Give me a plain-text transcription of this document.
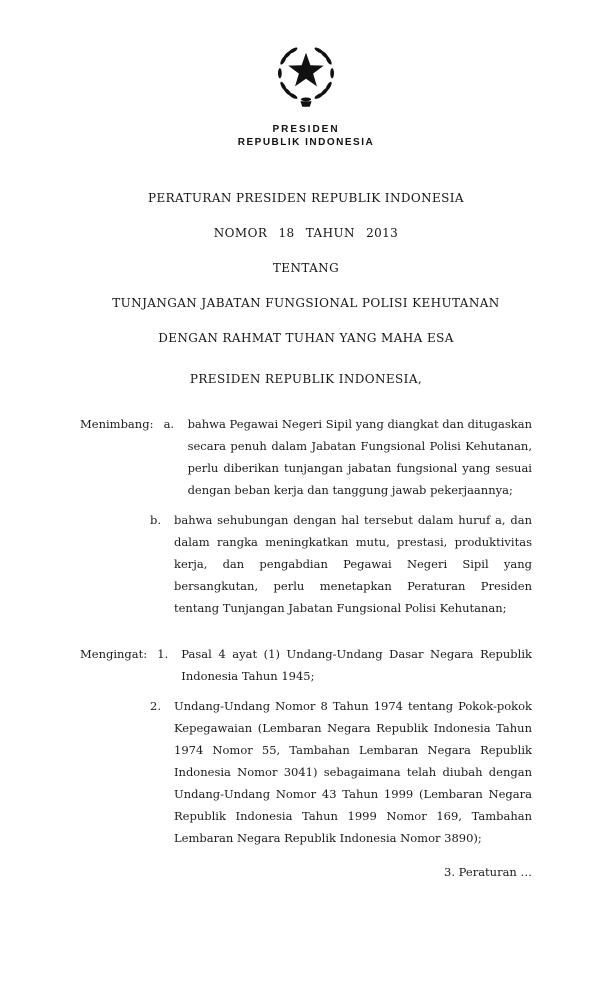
PRESIDEN
REPUBLIK INDONESIA
PERATURAN PRESIDEN REPUBLIK INDONESIA
NOMOR 18 TAHUN 2013
TENTANG
TUNJANGAN JABATAN FUNGSIONAL POLISI KEHUTANAN
DENGAN RAHMAT TUHAN YANG MAHA ESA
PRESIDEN REPUBLIK INDONESIA,
Menimbang : a.	bahwa Pegawai Negeri Sipil yang diangkat dan ditugaskan secara penuh dalam Jabatan Fungsional Polisi Kehutanan, perlu diberikan tunjangan jabatan fungsional yang sesuai dengan beban kerja dan tanggung jawab pekerjaannya;
b.	bahwa sehubungan dengan hal tersebut dalam huruf a, dan dalam rangka meningkatkan mutu, prestasi, produktivitas kerja, dan pengabdian Pegawai Negeri Sipil yang bersangkutan, perlu menetapkan Peraturan Presiden tentang Tunjangan Jabatan Fungsional Polisi Kehutanan;
Mengingat : 1.	Pasal 4 ayat (1) Undang-Undang Dasar Negara Republik Indonesia Tahun 1945;
2.	Undang-Undang Nomor 8 Tahun 1974 tentang Pokok-pokok Kepegawaian (Lembaran Negara Republik Indonesia Tahun 1974 Nomor 55, Tambahan Lembaran Negara Republik Indonesia Nomor 3041) sebagaimana telah diubah dengan Undang-Undang Nomor 43 Tahun 1999 (Lembaran Negara Republik Indonesia Tahun 1999 Nomor 169, Tambahan Lembaran Negara Republik Indonesia Nomor 3890);
3. Peraturan …
